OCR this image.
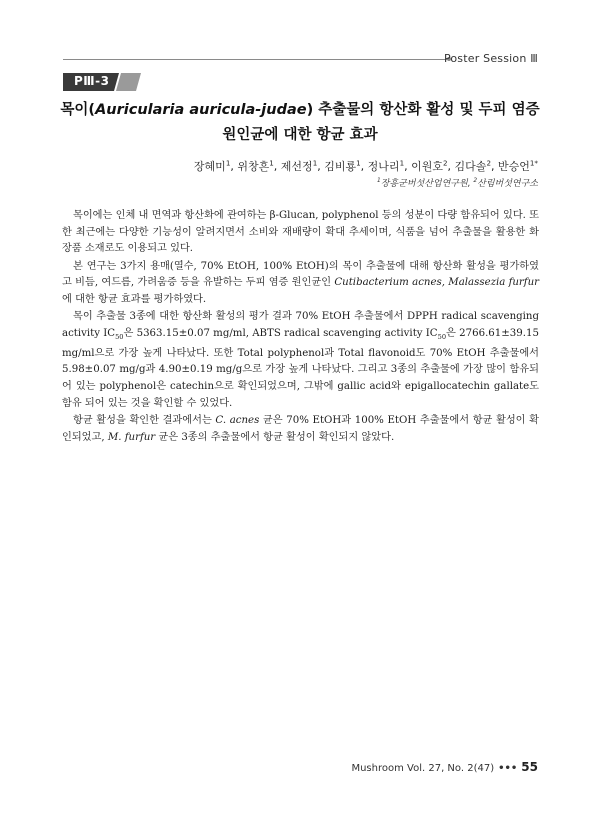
Poster Session Ⅲ
PⅢ-3
목이(Auricularia auricula-judae) 추출물의 항산화 활성 및 두피 염증
원인균에 대한 항균 효과
장혜미$^1$, 위창흔$^1$, 제선정$^1$, 김비룡$^1$, 정나리$^1$, 이원호$^2$, 김다솔$^2$, 반승언$^{1*}$
$^1$장흥군버섯산업연구원, $^2$산림버섯연구소

목이에는 인체 내 면역과 항산화에 관여하는 β-Glucan, polyphenol 등의 성분이 다량 함유되어 있다. 또한 최근에는 다양한 기능성이 알려지면서 소비와 재배량이 확대 추세이며, 식품을 넘어 추출물을 활용한 화장품 소재로도 이용되고 있다.

본 연구는 3가지 용매(열수, 70% EtOH, 100% EtOH)의 목이 추출물에 대해 항산화 활성을 평가하였고 비듬, 여드름, 가려움증 등을 유발하는 두피 염증 원인균인 Cutibacterium acnes, Malassezia furfur에 대한 항균 효과를 평가하였다.

목이 추출물 3종에 대한 항산화 활성의 평가 결과 70% EtOH 추출물에서 DPPH radical scavenging activity $IC_{50}$은 5363.15±0.07 mg/ml, ABTS radical scavenging activity $IC_{50}$은 2766.61±39.15 mg/ml으로 가장 높게 나타났다. 또한 Total polyphenol과 Total flavonoid도 70% EtOH 추출물에서 5.98±0.07 mg/g과 4.90±0.19 mg/g으로 가장 높게 나타났다. 그리고 3종의 추출물에 가장 많이 함유되어 있는 polyphenol은 catechin으로 확인되었으며, 그밖에 gallic acid와 epigallocatechin gallate도 함유 되어 있는 것을 확인할 수 있었다.

항균 활성을 확인한 결과에서는 C. acnes 균은 70% EtOH과 100% EtOH 추출물에서 항균 활성이 확인되었고, M. furfur 균은 3종의 추출물에서 항균 활성이 확인되지 않았다.

Mushroom Vol. 27, No. 2(47) ••• 55
